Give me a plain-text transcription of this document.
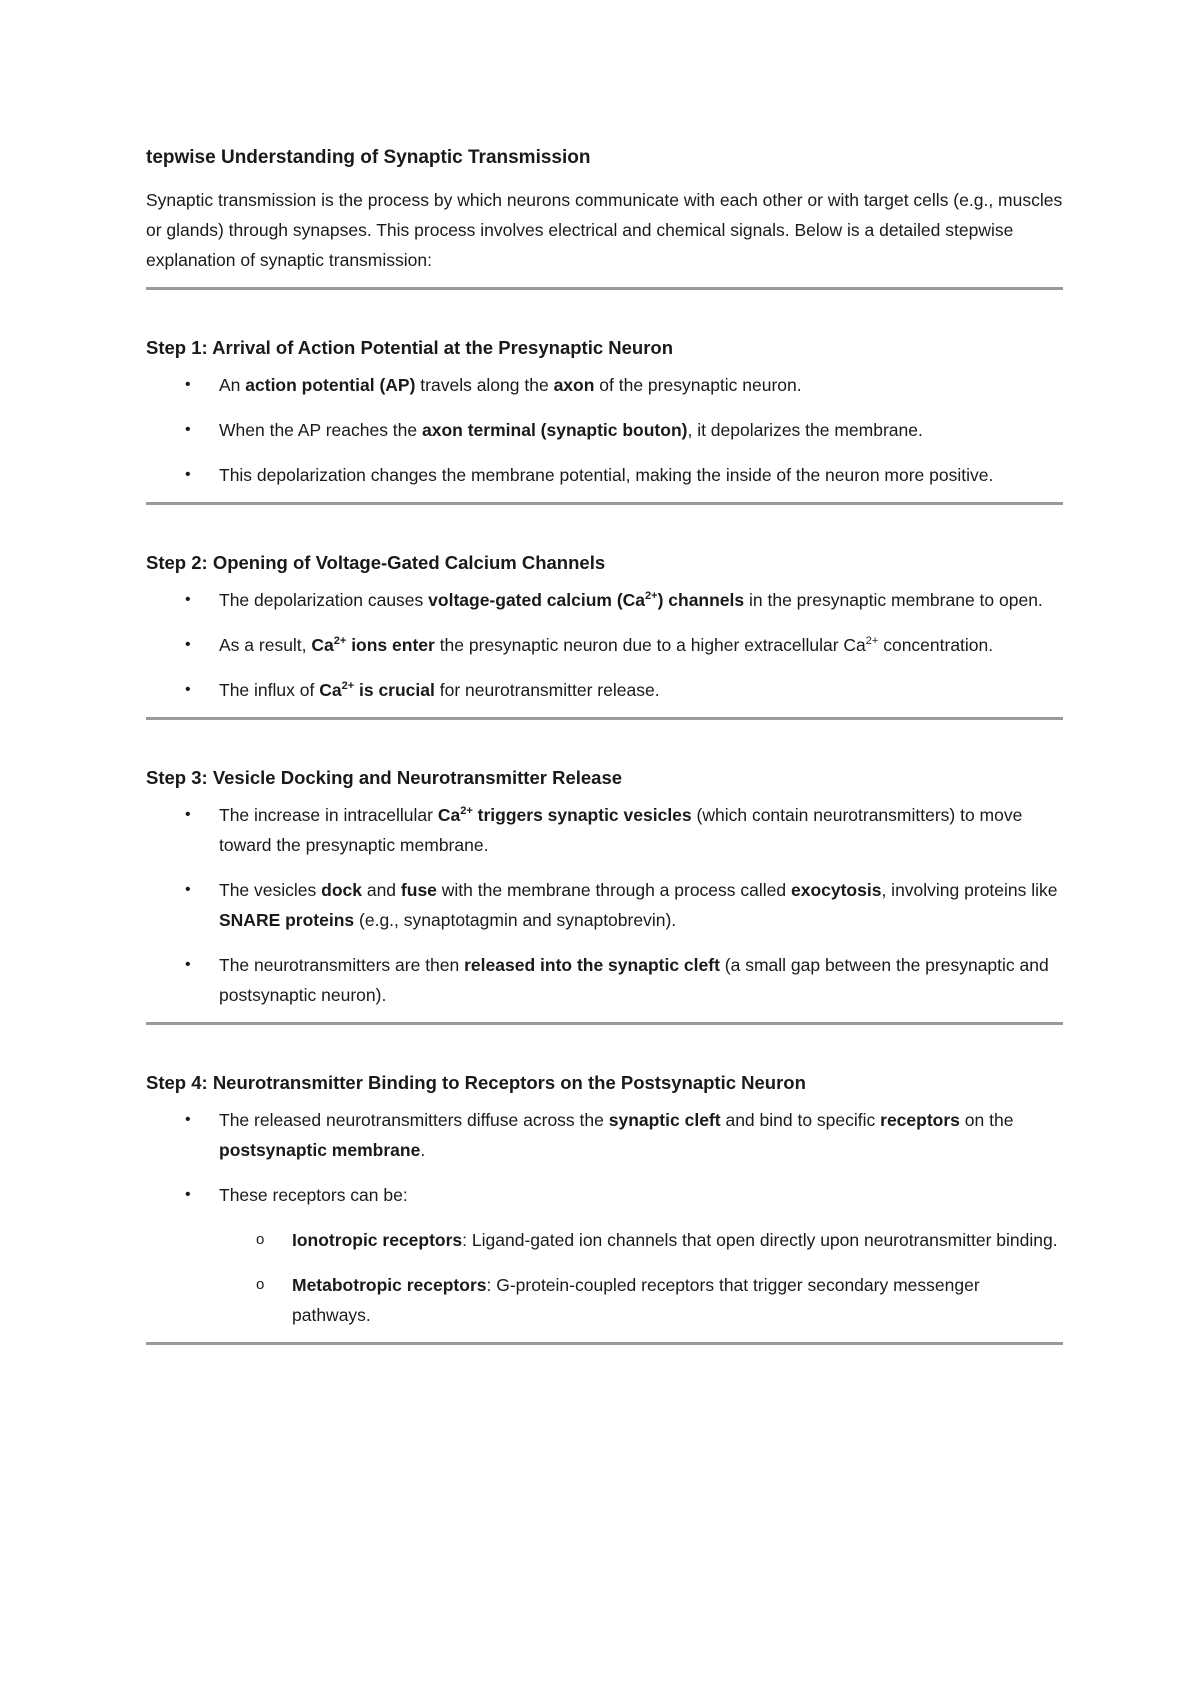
tepwise Understanding of Synaptic Transmission

Synaptic transmission is the process by which neurons communicate with each other or with target cells (e.g., muscles or glands) through synapses. This process involves electrical and chemical signals. Below is a detailed stepwise explanation of synaptic transmission:

Step 1: Arrival of Action Potential at the Presynaptic Neuron
• An action potential (AP) travels along the axon of the presynaptic neuron.
• When the AP reaches the axon terminal (synaptic bouton), it depolarizes the membrane.
• This depolarization changes the membrane potential, making the inside of the neuron more positive.
Step 2: Opening of Voltage-Gated Calcium Channels
• The depolarization causes voltage-gated calcium $(Ca^{2+})$ channels in the presynaptic membrane to open.
• As a result, $Ca^{2+}$ ions enter the presynaptic neuron due to a higher extracellular $Ca^{2+}$ concentration.
• The influx of $Ca^{2+}$ is crucial for neurotransmitter release.
Step 3: Vesicle Docking and Neurotransmitter Release
• The increase in intracellular $Ca^{2+}$ triggers synaptic vesicles (which contain neurotransmitters) to move toward the presynaptic membrane.
• The vesicles dock and fuse with the membrane through a process called exocytosis, involving proteins like SNARE proteins (e.g., synaptotagmin and synaptobrevin).
• The neurotransmitters are then released into the synaptic cleft (a small gap between the presynaptic and postsynaptic neuron).
Step 4: Neurotransmitter Binding to Receptors on the Postsynaptic Neuron
• The released neurotransmitters diffuse across the synaptic cleft and bind to specific receptors on the postsynaptic membrane.
• These receptors can be:
o Ionotropic receptors: Ligand-gated ion channels that open directly upon neurotransmitter binding.
o Metabotropic receptors: G-protein-coupled receptors that trigger secondary messenger pathways.
